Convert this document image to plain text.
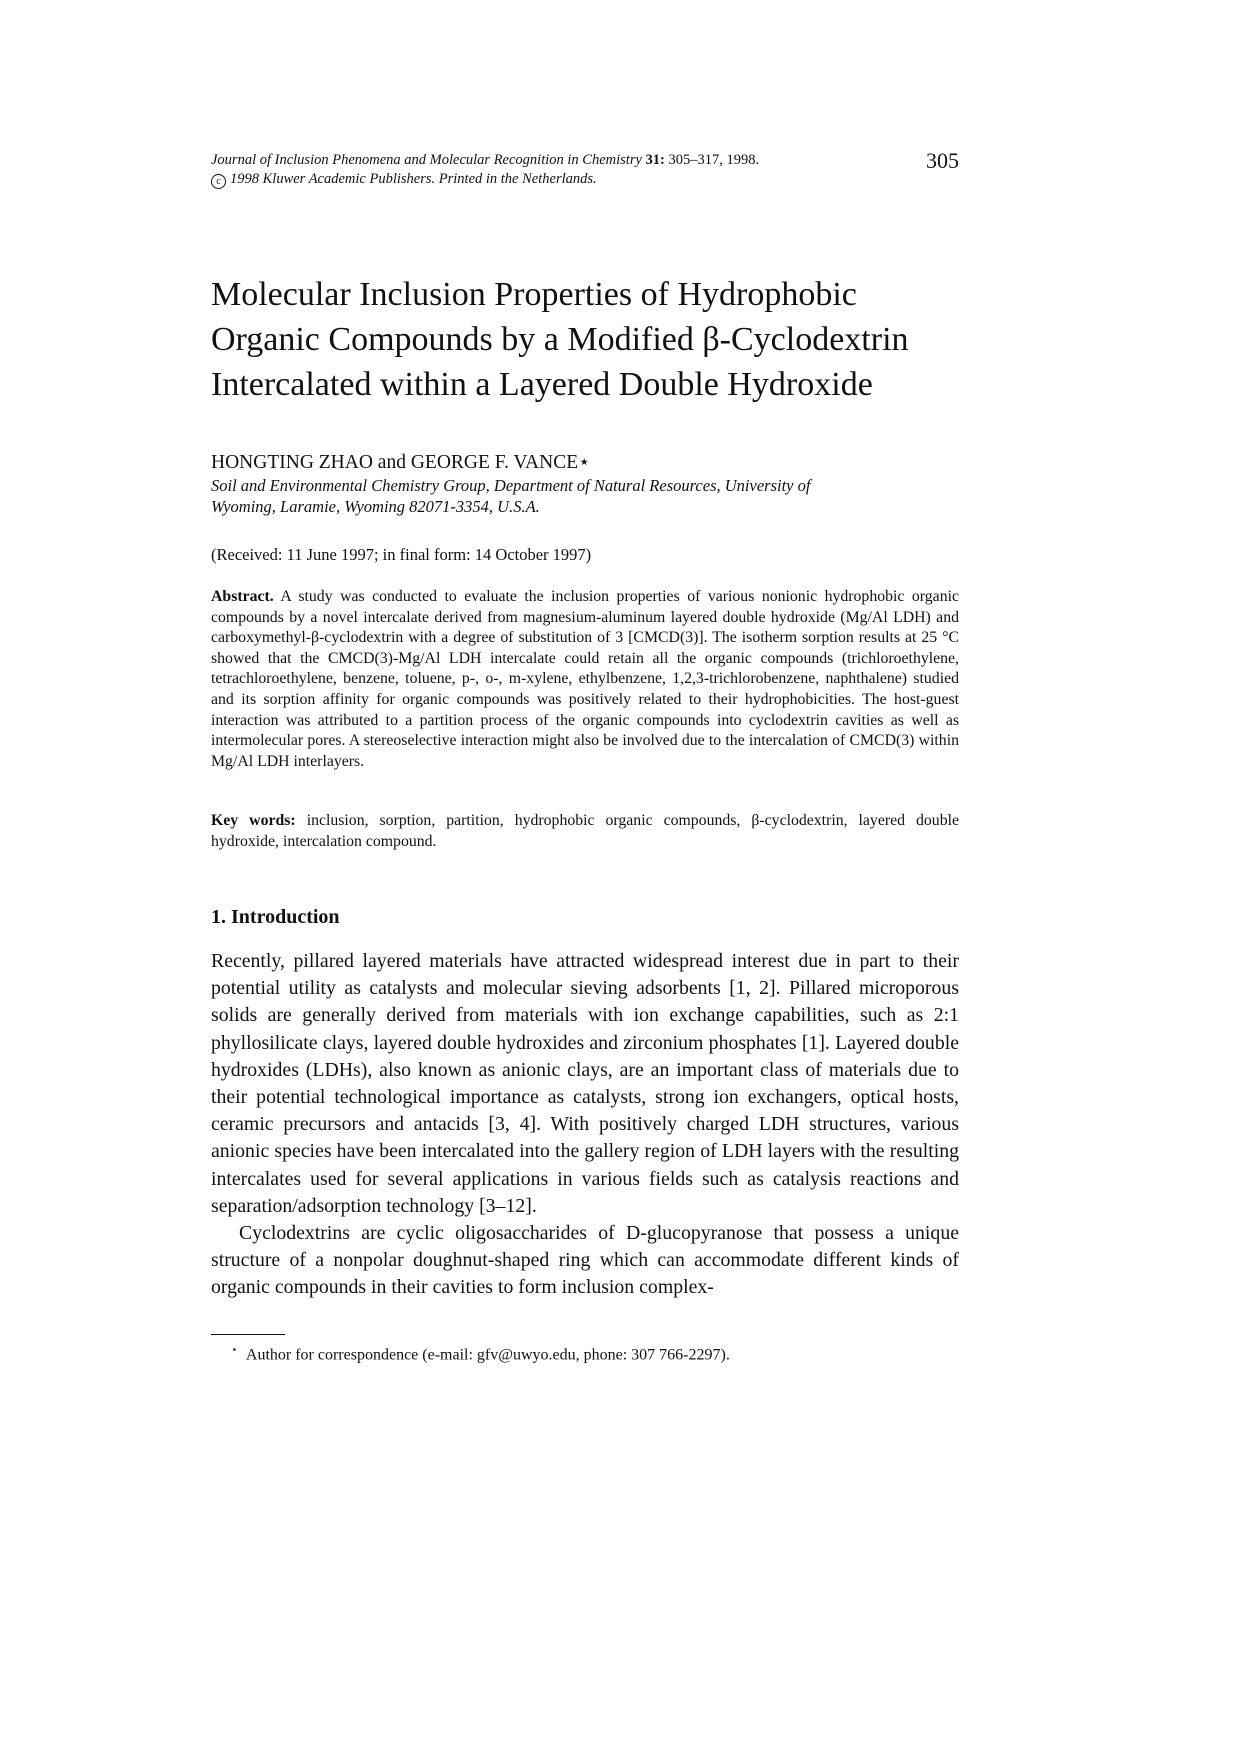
Journal of Inclusion Phenomena and Molecular Recognition in Chemistry 31: 305–317, 1998.
c 1998 Kluwer Academic Publishers. Printed in the Netherlands.
305
Molecular Inclusion Properties of Hydrophobic
Organic Compounds by a Modified β-Cyclodextrin
Intercalated within a Layered Double Hydroxide
HONGTING ZHAO and GEORGE F. VANCE⋆
Soil and Environmental Chemistry Group, Department of Natural Resources, University of
Wyoming, Laramie, Wyoming 82071-3354, U.S.A.
(Received: 11 June 1997; in final form: 14 October 1997)

Abstract. A study was conducted to evaluate the inclusion properties of various nonionic hydrophobic organic compounds by a novel intercalate derived from magnesium-aluminum layered double hydroxide (Mg/Al LDH) and carboxymethyl-β-cyclodextrin with a degree of substitution of 3 [CMCD(3)]. The isotherm sorption results at 25 °C showed that the CMCD(3)-Mg/Al LDH intercalate could retain all the organic compounds (trichloroethylene, tetrachloroethylene, benzene, toluene, p-, o-, m-xylene, ethylbenzene, 1,2,3-trichlorobenzene, naphthalene) studied and its sorption affinity for organic compounds was positively related to their hydrophobicities. The host-guest interaction was attributed to a partition process of the organic compounds into cyclodextrin cavities as well as intermolecular pores. A stereoselective interaction might also be involved due to the intercalation of CMCD(3) within Mg/Al LDH interlayers.

Key words: inclusion, sorption, partition, hydrophobic organic compounds, β-cyclodextrin, layered double hydroxide, intercalation compound.

1. Introduction

Recently, pillared layered materials have attracted widespread interest due in part to their potential utility as catalysts and molecular sieving adsorbents [1, 2]. Pillared microporous solids are generally derived from materials with ion exchange capabilities, such as 2:1 phyllosilicate clays, layered double hydroxides and zirconium phosphates [1]. Layered double hydroxides (LDHs), also known as anionic clays, are an important class of materials due to their potential technological importance as catalysts, strong ion exchangers, optical hosts, ceramic precursors and antacids [3, 4]. With positively charged LDH structures, various anionic species have been intercalated into the gallery region of LDH layers with the resulting intercalates used for several applications in various fields such as catalysis reactions and separation/adsorption technology [3–12].

Cyclodextrins are cyclic oligosaccharides of D-glucopyranose that possess a unique structure of a nonpolar doughnut-shaped ring which can accommodate different kinds of organic compounds in their cavities to form inclusion complex-

⋆ Author for correspondence (e-mail: gfv@uwyo.edu, phone: 307 766-2297).
